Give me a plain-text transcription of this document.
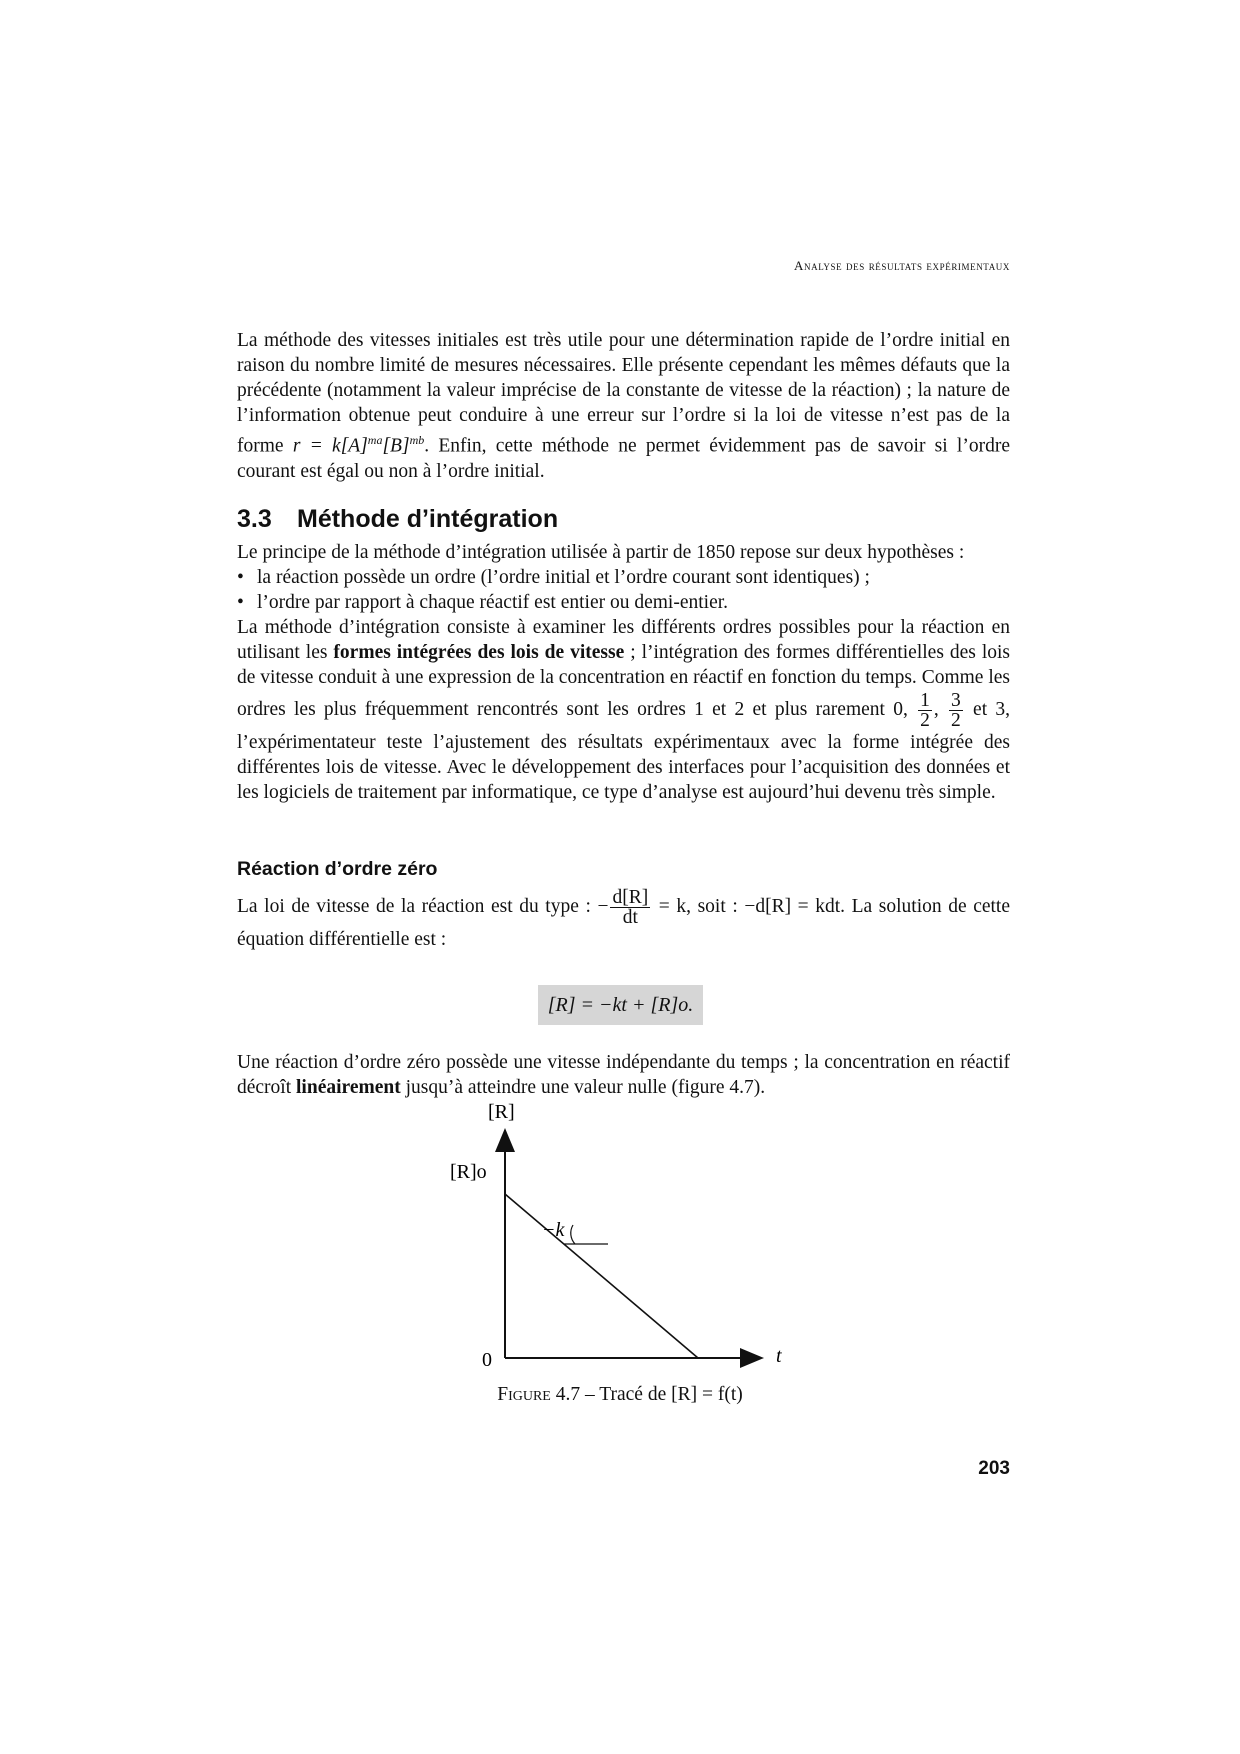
Analyse des résultats expérimentaux

La méthode des vitesses initiales est très utile pour une détermination rapide de l’ordre initial en raison du nombre limité de mesures nécessaires. Elle présente cependant les mêmes défauts que la précédente (notamment la valeur imprécise de la constante de vitesse de la réaction) ; la nature de l’information obtenue peut conduire à une erreur sur l’ordre si la loi de vitesse n’est pas de la forme $r = k[A]^{ma}[B]^{mb}$. Enfin, cette méthode ne permet évidemment pas de savoir si l’ordre courant est égal ou non à l’ordre initial.

3.3 Méthode d’intégration

Le principe de la méthode d’intégration utilisée à partir de 1850 repose sur deux hypothèses :

• la réaction possède un ordre (l’ordre initial et l’ordre courant sont identiques) ;
• l’ordre par rapport à chaque réactif est entier ou demi-entier.

La méthode d’intégration consiste à examiner les différents ordres possibles pour la réaction en utilisant les formes intégrées des lois de vitesse ; l’intégration des formes différentielles des lois de vitesse conduit à une expression de la concentration en réactif en fonction du temps. Comme les ordres les plus fréquemment rencontrés sont les ordres 1 et 2 et plus rarement 0, $\frac{1}{2}$ , $\frac{3}{2}$ et 3, l’expérimentateur teste l’ajustement des résultats expérimentaux avec la forme intégrée des différentes lois de vitesse. Avec le développement des interfaces pour l’acquisition des données et les logiciels de traitement par informatique, ce type d’analyse est aujourd’hui devenu très simple.

Réaction d’ordre zéro

La loi de vitesse de la réaction est du type : − $\frac{d[R]}{dt} = k$, soit : −d[R] = kdt. La solution de cette équation différentielle est :

[R] = −kt + [R]o.

Une réaction d’ordre zéro possède une vitesse indépendante du temps ; la concentration en réactif décroît linéairement jusqu’à atteindre une valeur nulle (figure 4.7).

[R]
[R]o
0	t
−k
Figure 4.7 – Tracé de [R] = f(t)
203
